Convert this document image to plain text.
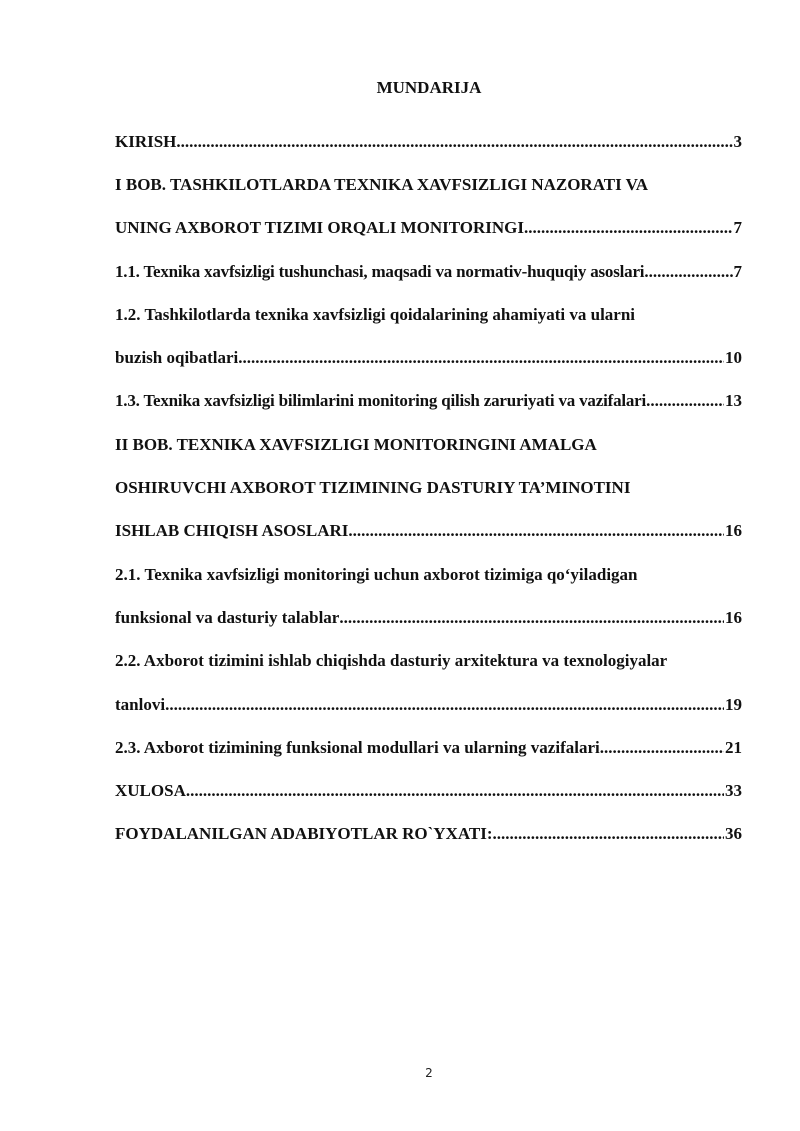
MUNDARIJA
KIRISH .....	3
I BOB. TASHKILOTLARDA TEXNIKA XAVFSIZLIGI NAZORATI VA
UNING AXBOROT TIZIMI ORQALI MONITORINGI .....	7
1.1. Texnika xavfsizligi tushunchasi, maqsadi va normativ-huquqiy asoslari .....	7
1.2. Tashkilotlarda texnika xavfsizligi qoidalarining ahamiyati va ularni
buzish oqibatlari .....	10
1.3. Texnika xavfsizligi bilimlarini monitoring qilish zaruriyati va vazifalari .....	13
II BOB. TEXNIKA XAVFSIZLIGI MONITORINGINI AMALGA
OSHIRUVCHI AXBOROT TIZIMINING DASTURIY TA’MINOTINI
ISHLAB CHIQISH ASOSLARI .....	16
2.1. Texnika xavfsizligi monitoringi uchun axborot tizimiga qo‘yiladigan
funksional va dasturiy talablar .....	16
2.2. Axborot tizimini ishlab chiqishda dasturiy arxitektura va texnologiyalar
tanlovi .....	19
2.3. Axborot tizimining funksional modullari va ularning vazifalari .....	21
XULOSA .....	33
FOYDALANILGAN ADABIYOTLAR RO`YXATI: .....	36
2
